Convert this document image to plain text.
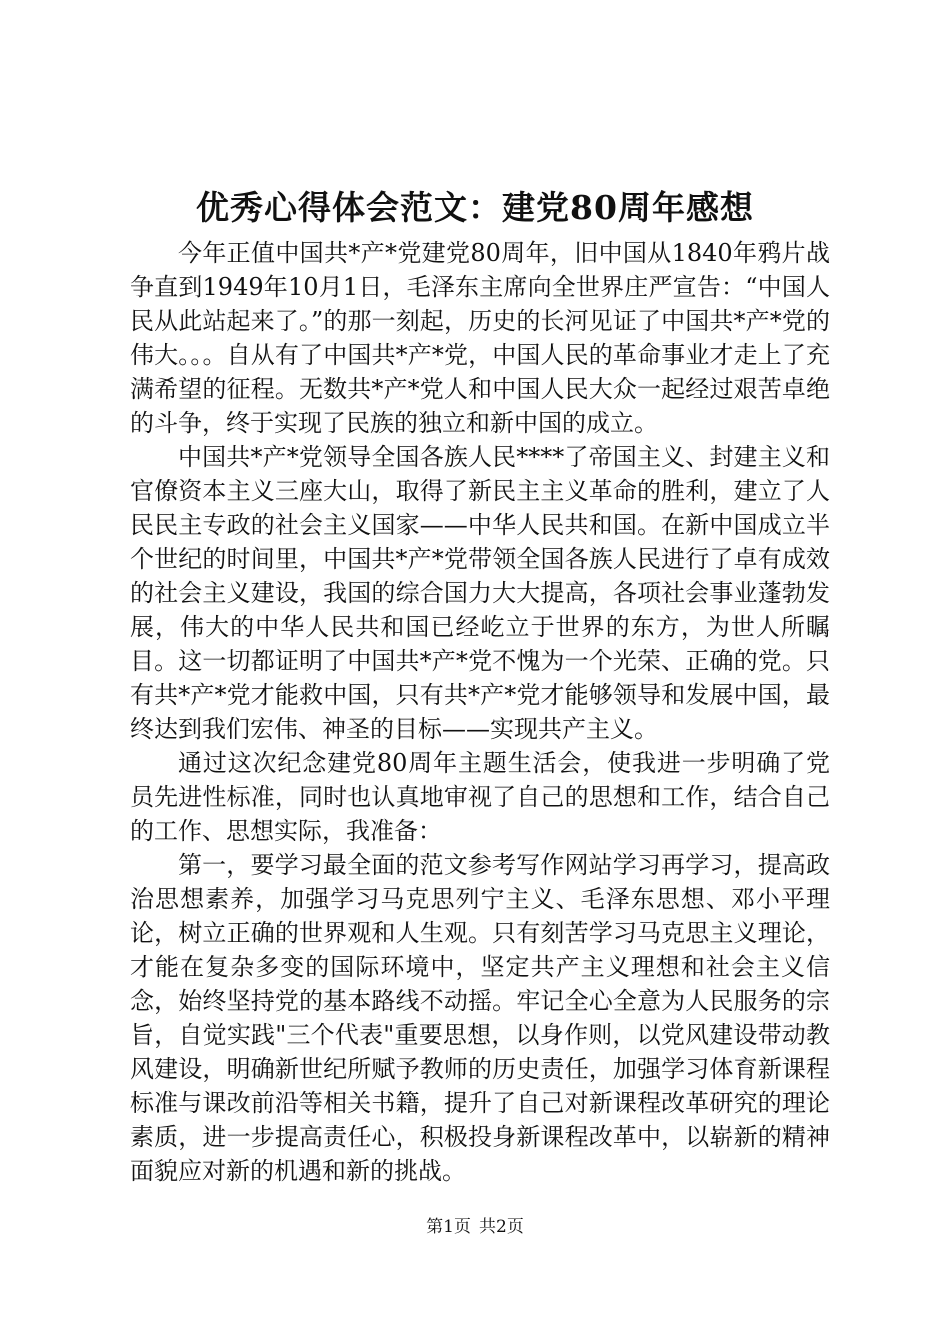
优秀心得体会范文：建党80周年感想

今年正值中国共*产*党建党80周年，旧中国从1840年鸦片战争直到1949年10月1日，毛泽东主席向全世界庄严宣告：“中国人民从此站起来了。”的那一刻起，历史的长河见证了中国共*产*党的伟大。。。自从有了中国共*产*党，中国人民的革命事业才走上了充满希望的征程。无数共*产*党人和中国人民大众一起经过艰苦卓绝的斗争，终于实现了民族的独立和新中国的成立。

中国共*产*党领导全国各族人民****了帝国主义、封建主义和官僚资本主义三座大山，取得了新民主主义革命的胜利，建立了人民民主专政的社会主义国家——中华人民共和国。在新中国成立半个世纪的时间里，中国共*产*党带领全国各族人民进行了卓有成效的社会主义建设，我国的综合国力大大提高，各项社会事业蓬勃发展，伟大的中华人民共和国已经屹立于世界的东方，为世人所瞩目。这一切都证明了中国共*产*党不愧为一个光荣、正确的党。只有共*产*党才能救中国，只有共*产*党才能够领导和发展中国，最终达到我们宏伟、神圣的目标——实现共产主义。

通过这次纪念建党80周年主题生活会，使我进一步明确了党员先进性标准，同时也认真地审视了自己的思想和工作，结合自己的工作、思想实际，我准备：

第一，要学习最全面的范文参考写作网站学习再学习，提高政治思想素养，加强学习马克思列宁主义、毛泽东思想、邓小平理论，树立正确的世界观和人生观。只有刻苦学习马克思主义理论，才能在复杂多变的国际环境中，坚定共产主义理想和社会主义信念，始终坚持党的基本路线不动摇。牢记全心全意为人民服务的宗旨，自觉实践"三个代表"重要思想，以身作则，以党风建设带动教风建设，明确新世纪所赋予教师的历史责任，加强学习体育新课程标准与课改前沿等相关书籍，提升了自己对新课程改革研究的理论素质，进一步提高责任心，积极投身新课程改革中，以崭新的精神面貌应对新的机遇和新的挑战。

第1页 共2页
